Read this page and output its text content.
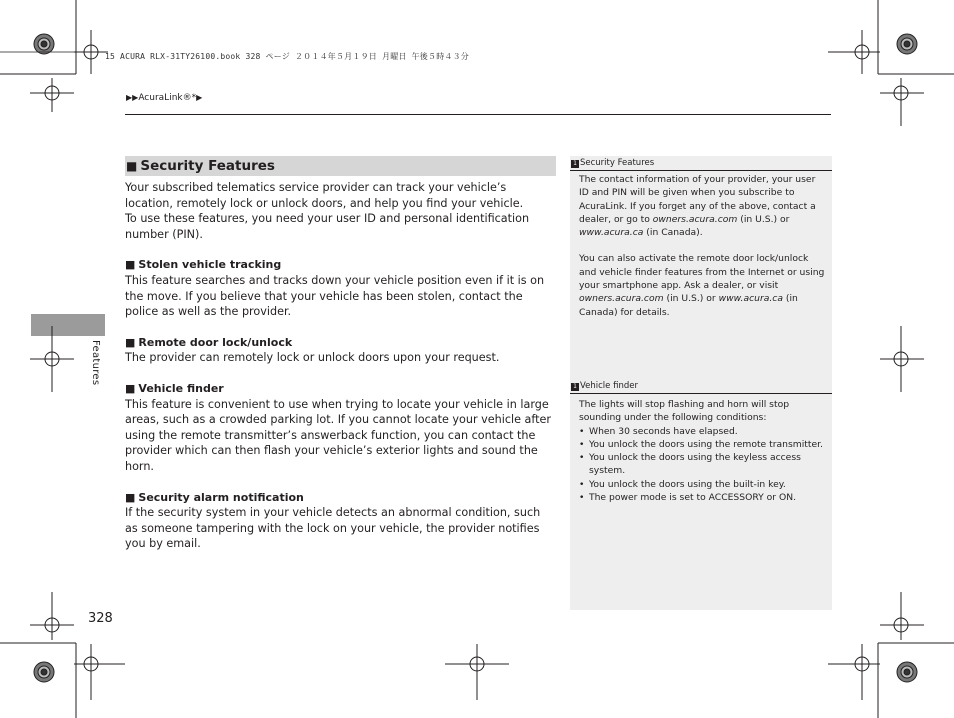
15 ACURA RLX-31TY26100.book 328 ページ ２０１４年５月１９日 月曜日 午後５時４３分
▶▶AcuraLink®*▶
Features
■ Security Features

Your subscribed telematics service provider can track your vehicle’s location, remotely lock or unlock doors, and help you find your vehicle.

To use these features, you need your user ID and personal identification number (PIN).

■ Stolen vehicle tracking

This feature searches and tracks down your vehicle position even if it is on the move. If you believe that your vehicle has been stolen, contact the police as well as the provider.

■ Remote door lock/unlock

The provider can remotely lock or unlock doors upon your request.

■ Vehicle finder

This feature is convenient to use when trying to locate your vehicle in large areas, such as a crowded parking lot. If you cannot locate your vehicle after using the remote transmitter’s answerback function, you can contact the provider which can then flash your vehicle’s exterior lights and sound the horn.

■ Security alarm notification

If the security system in your vehicle detects an abnormal condition, such as someone tampering with the lock on your vehicle, the provider notifies you by email.

1 Security Features

The contact information of your provider, your user ID and PIN will be given when you subscribe to AcuraLink. If you forget any of the above, contact a dealer, or go to owners.acura.com (in U.S.) or www.acura.ca (in Canada).

You can also activate the remote door lock/unlock and vehicle finder features from the Internet or using your smartphone app. Ask a dealer, or visit owners.acura.com (in U.S.) or www.acura.ca (in Canada) for details.

1 Vehicle finder

The lights will stop flashing and horn will stop sounding under the following conditions:

• When 30 seconds have elapsed.
• You unlock the doors using the remote transmitter.
• You unlock the doors using the keyless access system.
• You unlock the doors using the built-in key.
• The power mode is set to ACCESSORY or ON.
328
